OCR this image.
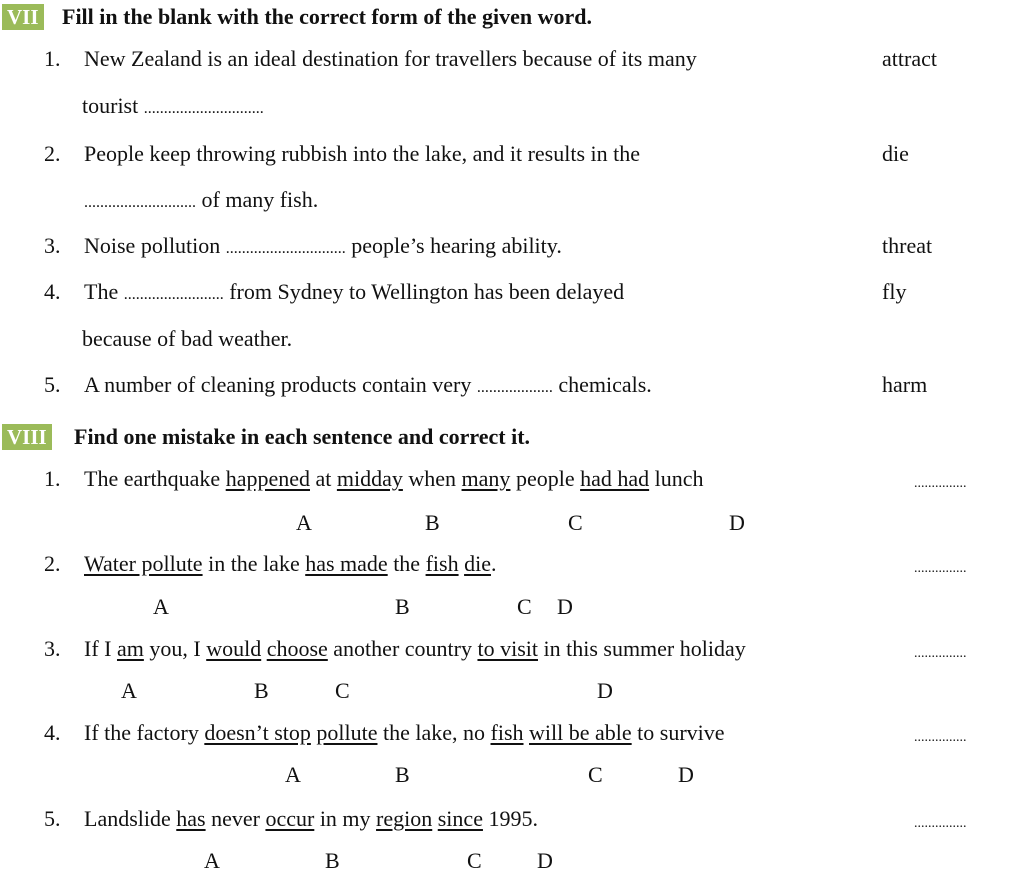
VII Fill in the blank with the correct form of the given word.
1. New Zealand is an ideal destination for travellers because of its many
tourist ..............................
attract
2. People keep throwing rubbish into the lake, and it results in the
............................ of many fish.
die
3. Noise pollution .............................. people’s hearing ability.	threat
4. The ......................... from Sydney to Wellington has been delayed
because of bad weather.
fly
5. A number of cleaning products contain very ................... chemicals.	harm
VIII Find one mistake in each sentence and correct it.
1. The earthquake happened at midday when many people had had lunch	...............
A	B	C	D
2. Water pollute in the lake has made the fish die.	...............
A	B	C D
3. If I am you, I would choose another country to visit in this summer holiday	...............
A	B	C	D
4. If the factory doesn’t stop pollute the lake, no fish will be able to survive	...............
A	B	C	D
5. Landslide has never occur in my region since 1995.	...............
A	B	C	D
